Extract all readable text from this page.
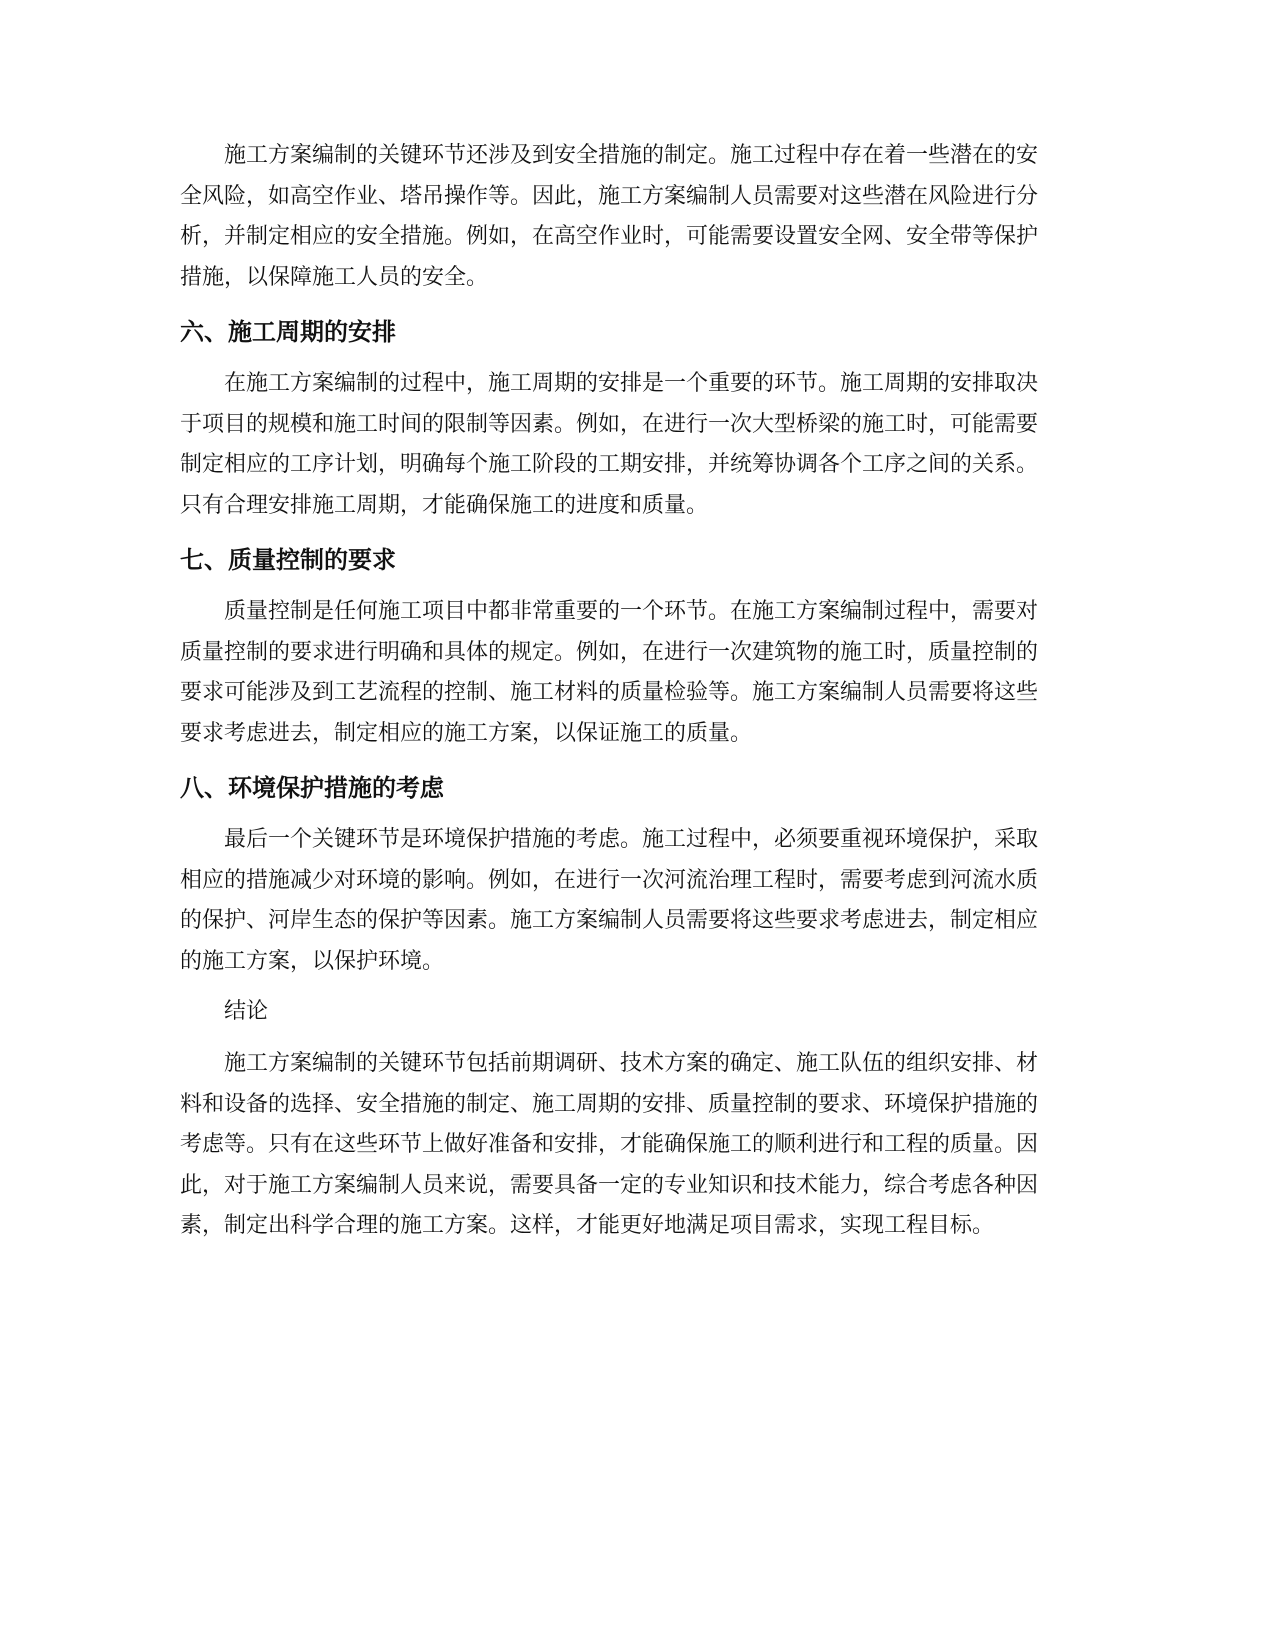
施工方案编制的关键环节还涉及到安全措施的制定。施工过程中存在着一些潜在的安全风险，如高空作业、塔吊操作等。因此，施工方案编制人员需要对这些潜在风险进行分析，并制定相应的安全措施。例如，在高空作业时，可能需要设置安全网、安全带等保护措施，以保障施工人员的安全。

六、施工周期的安排

在施工方案编制的过程中，施工周期的安排是一个重要的环节。施工周期的安排取决于项目的规模和施工时间的限制等因素。例如，在进行一次大型桥梁的施工时，可能需要制定相应的工序计划，明确每个施工阶段的工期安排，并统筹协调各个工序之间的关系。只有合理安排施工周期，才能确保施工的进度和质量。

七、质量控制的要求

质量控制是任何施工项目中都非常重要的一个环节。在施工方案编制过程中，需要对质量控制的要求进行明确和具体的规定。例如，在进行一次建筑物的施工时，质量控制的要求可能涉及到工艺流程的控制、施工材料的质量检验等。施工方案编制人员需要将这些要求考虑进去，制定相应的施工方案，以保证施工的质量。

八、环境保护措施的考虑

最后一个关键环节是环境保护措施的考虑。施工过程中，必须要重视环境保护，采取相应的措施减少对环境的影响。例如，在进行一次河流治理工程时，需要考虑到河流水质的保护、河岸生态的保护等因素。施工方案编制人员需要将这些要求考虑进去，制定相应的施工方案，以保护环境。

结论

施工方案编制的关键环节包括前期调研、技术方案的确定、施工队伍的组织安排、材料和设备的选择、安全措施的制定、施工周期的安排、质量控制的要求、环境保护措施的考虑等。只有在这些环节上做好准备和安排，才能确保施工的顺利进行和工程的质量。因此，对于施工方案编制人员来说，需要具备一定的专业知识和技术能力，综合考虑各种因素，制定出科学合理的施工方案。这样，才能更好地满足项目需求，实现工程目标。
